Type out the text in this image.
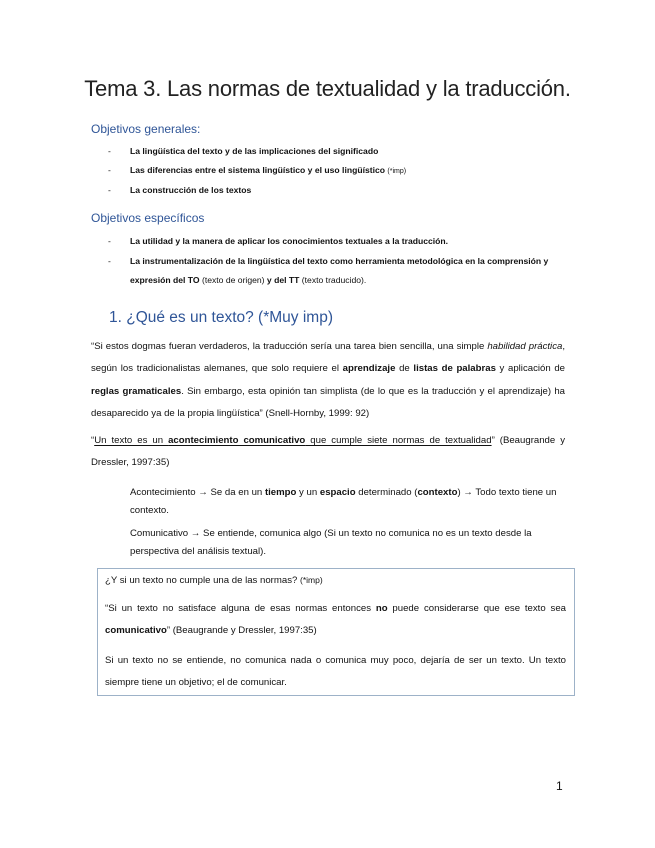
Tema 3. Las normas de textualidad y la traducción.
Objetivos generales:
- La lingüística del texto y de las implicaciones del significado
- Las diferencias entre el sistema lingüístico y el uso lingüístico (*imp)
- La construcción de los textos
Objetivos específicos
- La utilidad y la manera de aplicar los conocimientos textuales a la traducción.
- La instrumentalización de la lingüística del texto como herramienta metodológica en la comprensión y expresión del TO (texto de origen) y del TT (texto traducido).
1. ¿Qué es un texto? (*Muy imp)

“Si estos dogmas fueran verdaderos, la traducción sería una tarea bien sencilla, una simple habilidad práctica, según los tradicionalistas alemanes, que solo requiere el aprendizaje de listas de palabras y aplicación de reglas gramaticales. Sin embargo, esta opinión tan simplista (de lo que es la traducción y el aprendizaje) ha desaparecido ya de la propia lingüística” (Snell-Hornby, 1999: 92)

“Un texto es un acontecimiento comunicativo que cumple siete normas de textualidad” (Beaugrande y Dressler, 1997:35)

Acontecimiento → Se da en un tiempo y un espacio determinado (contexto) → Todo texto tiene un contexto.

Comunicativo → Se entiende, comunica algo (Si un texto no comunica no es un texto desde la perspectiva del análisis textual).

¿Y si un texto no cumple una de las normas? (*imp)

“Si un texto no satisface alguna de esas normas entonces no puede considerarse que ese texto sea comunicativo” (Beaugrande y Dressler, 1997:35)

Si un texto no se entiende, no comunica nada o comunica muy poco, dejaría de ser un texto. Un texto siempre tiene un objetivo; el de comunicar.

1
